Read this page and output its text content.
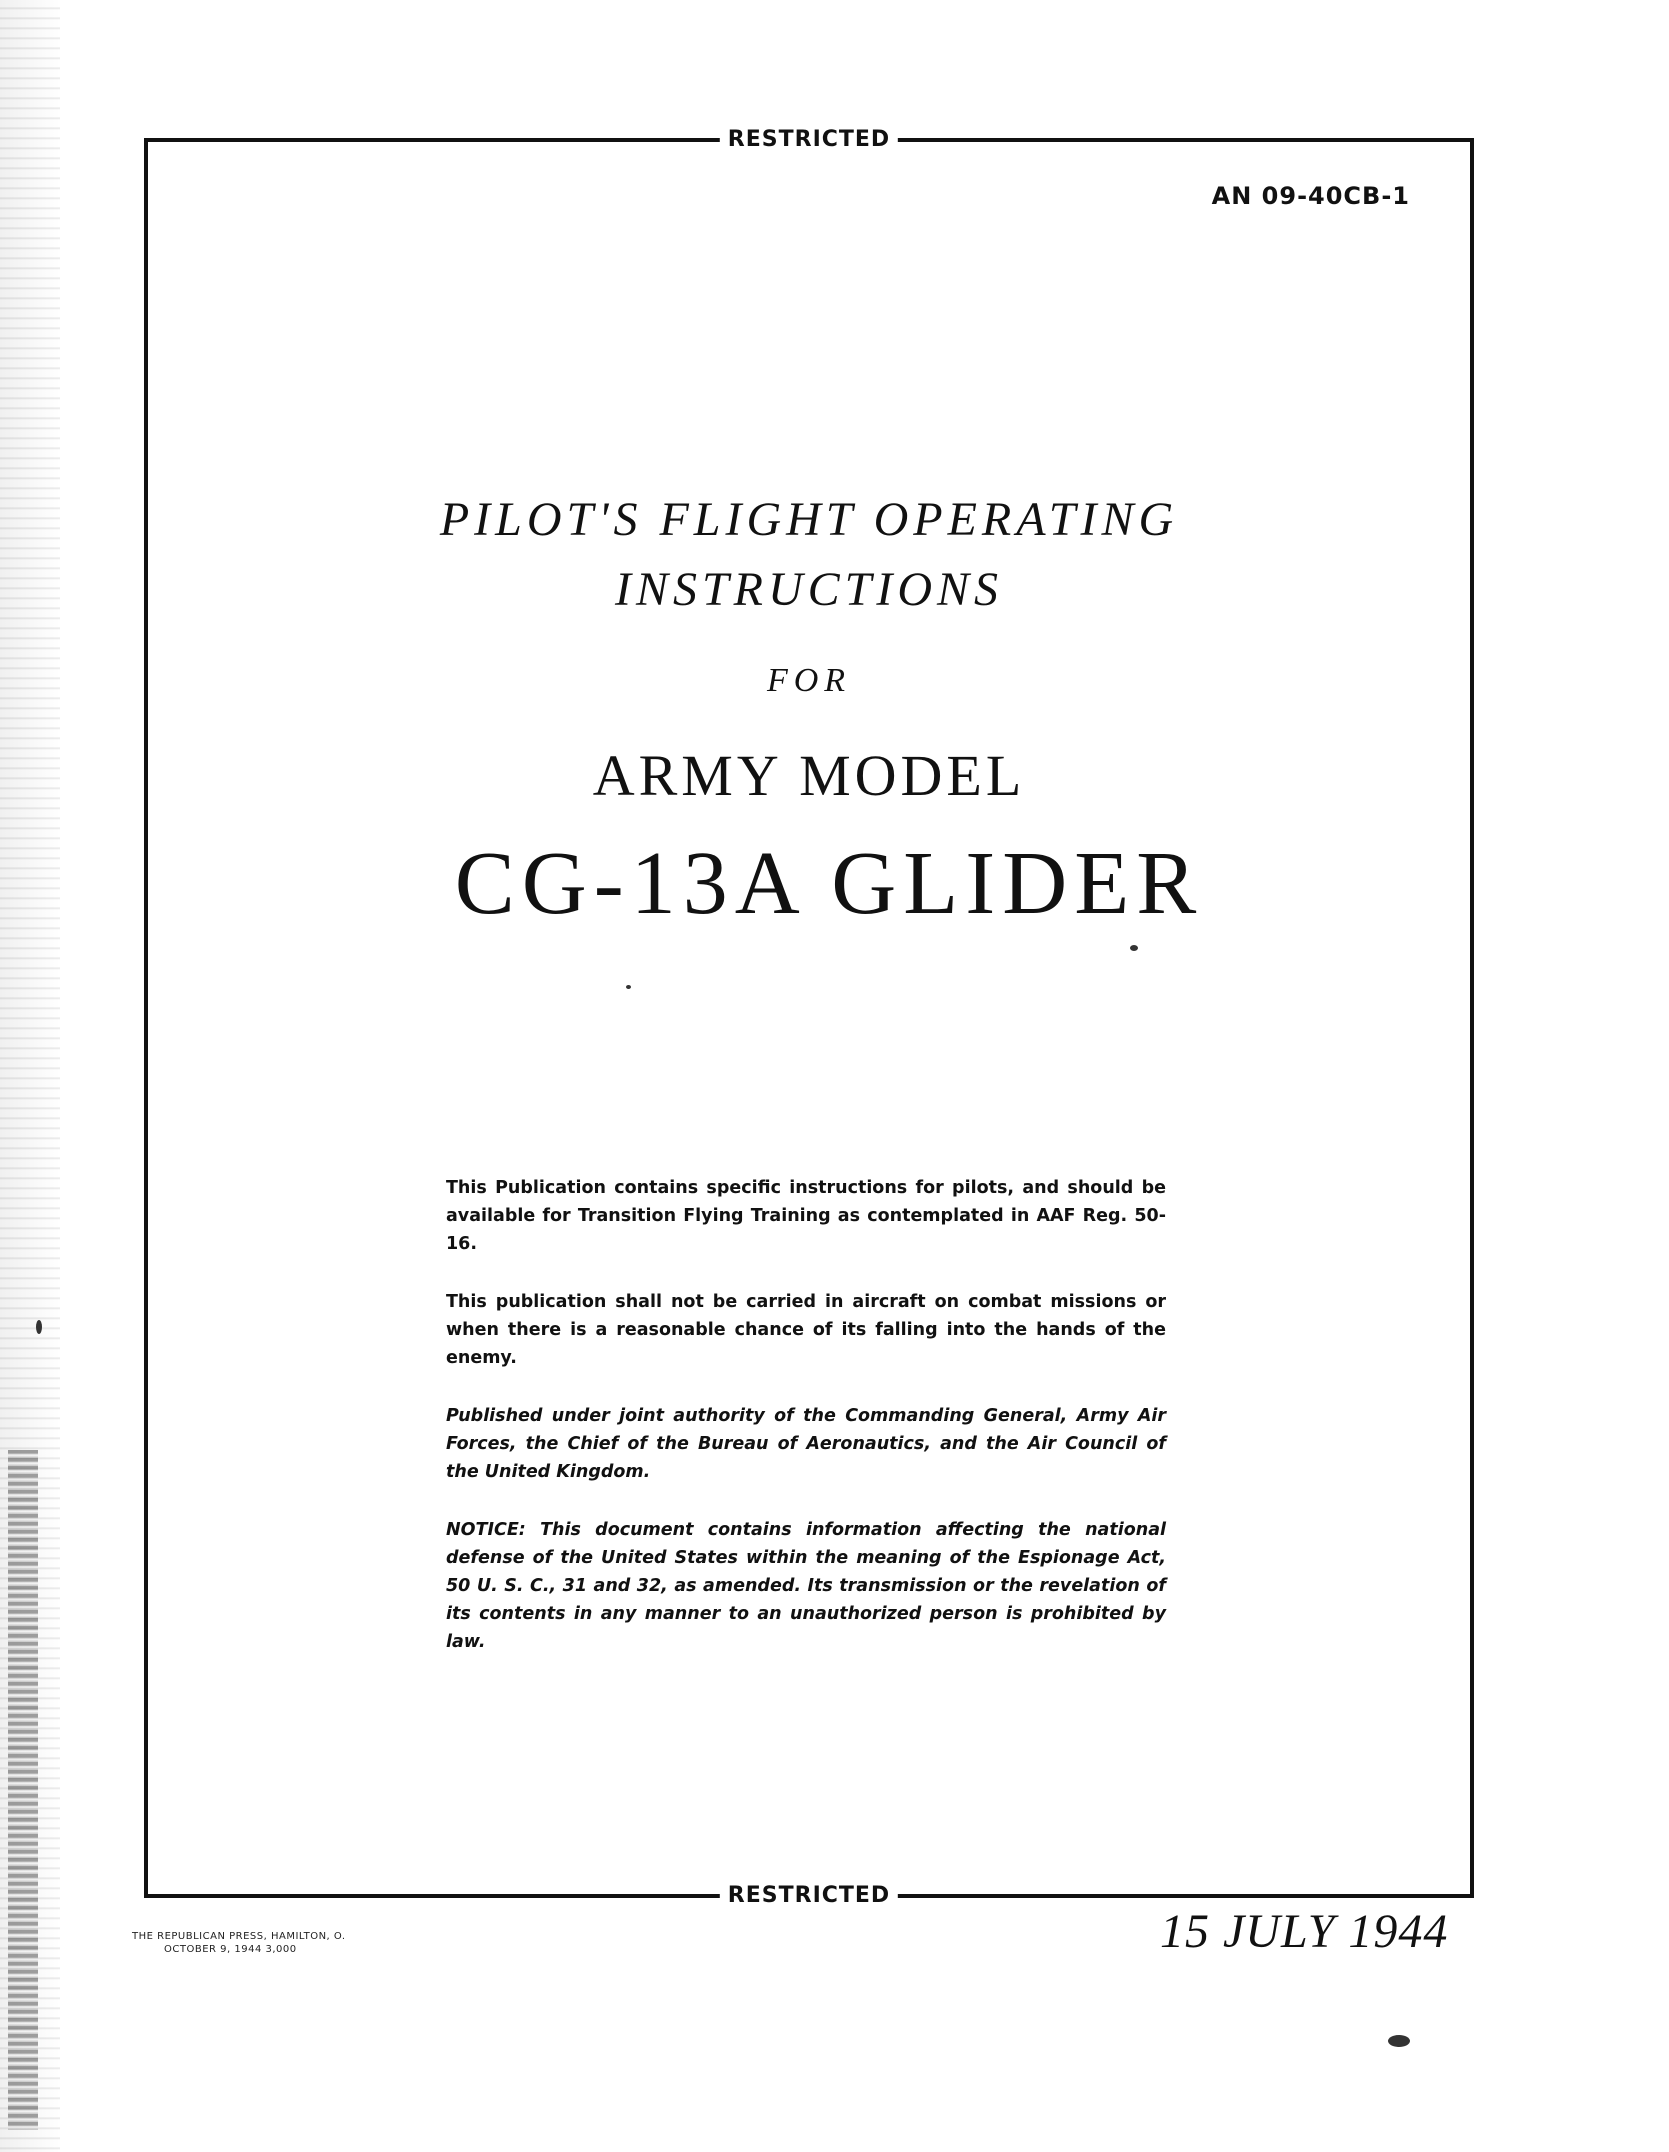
RESTRICTED
AN 09-40CB-1
PILOT'S FLIGHT OPERATING
INSTRUCTIONS
FOR
ARMY MODEL
CG-13A GLIDER

This Publication contains specific instructions for pilots, and should be available for Transition Flying Training as contemplated in AAF Reg. 50-16.

This publication shall not be carried in aircraft on combat missions or when there is a reasonable chance of its falling into the hands of the enemy.

Published under joint authority of the Commanding General, Army Air Forces, the Chief of the Bureau of Aeronautics, and the Air Council of the United Kingdom.

NOTICE: This document contains information affecting the national defense of the United States within the meaning of the Espionage Act, 50 U. S. C., 31 and 32, as amended. Its transmission or the revelation of its contents in any manner to an unauthorized person is prohibited by law.

RESTRICTED
THE REPUBLICAN PRESS, HAMILTON, O.
OCTOBER 9, 1944 3,000	15 JULY 1944
